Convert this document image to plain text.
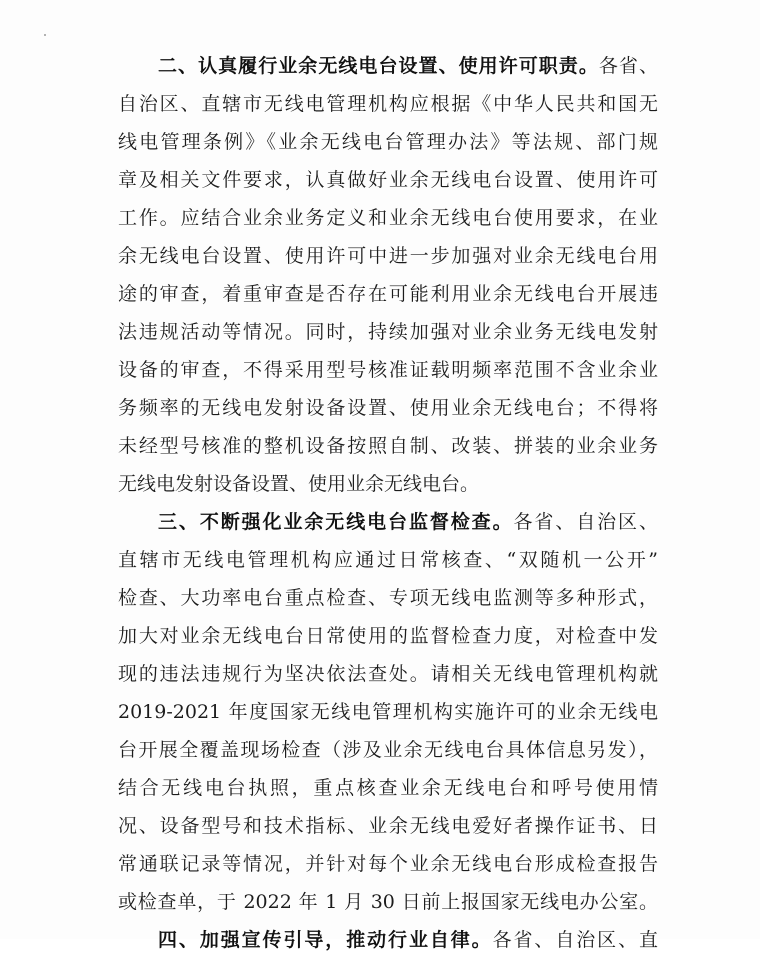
二、认真履行业余无线电台设置、使用许可职责。各省、
自治区、直辖市无线电管理机构应根据《中华人民共和国无
线电管理条例》《业余无线电台管理办法》等法规、部门规
章及相关文件要求，认真做好业余无线电台设置、使用许可
工作。应结合业余业务定义和业余无线电台使用要求，在业
余无线电台设置、使用许可中进一步加强对业余无线电台用
途的审查，着重审查是否存在可能利用业余无线电台开展违
法违规活动等情况。同时，持续加强对业余业务无线电发射
设备的审查，不得采用型号核准证载明频率范围不含业余业
务频率的无线电发射设备设置、使用业余无线电台；不得将
未经型号核准的整机设备按照自制、改装、拼装的业余业务
无线电发射设备设置、使用业余无线电台。
三、不断强化业余无线电台监督检查。各省、自治区、
直辖市无线电管理机构应通过日常核查、“双随机一公开”
检查、大功率电台重点检查、专项无线电监测等多种形式，
加大对业余无线电台日常使用的监督检查力度，对检查中发
现的违法违规行为坚决依法查处。请相关无线电管理机构就
2019-2021 年度国家无线电管理机构实施许可的业余无线电
台开展全覆盖现场检查（涉及业余无线电台具体信息另发），
结合无线电台执照，重点核查业余无线电台和呼号使用情
况、设备型号和技术指标、业余无线电爱好者操作证书、日
常通联记录等情况，并针对每个业余无线电台形成检查报告
或检查单，于 2022 年 1 月 30 日前上报国家无线电办公室。
四、加强宣传引导，推动行业自律。各省、自治区、直
